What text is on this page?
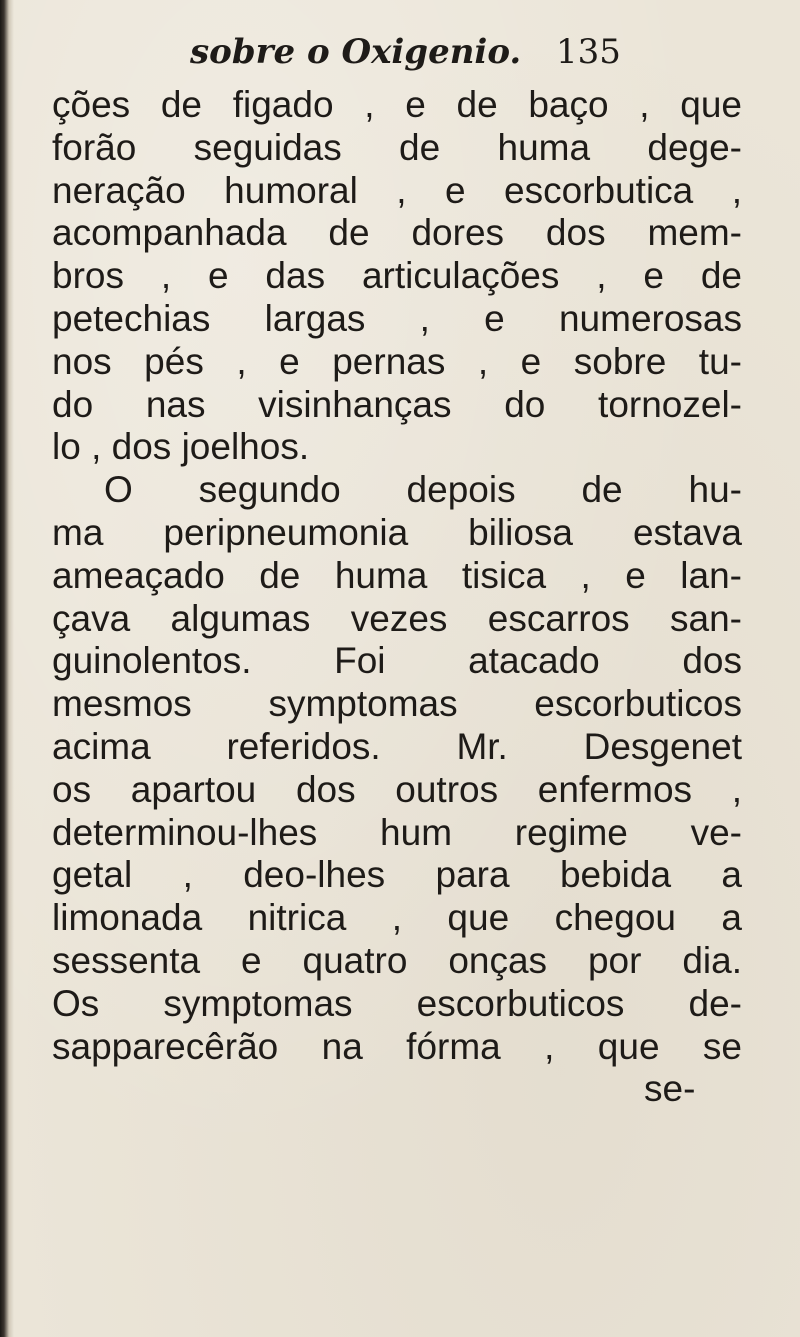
sobre o Oxigenio. 135
ções de figado , e de baço , que
forão seguidas de huma dege-
neração humoral , e escorbutica ,
acompanhada de dores dos mem-
bros , e das articulações , e de
petechias largas , e numerosas
nos pés , e pernas , e sobre tu-
do nas visinhanças do tornozel-
lo , dos joelhos.
O segundo depois de hu-
ma peripneumonia biliosa estava
ameaçado de huma tisica , e lan-
çava algumas vezes escarros san-
guinolentos. Foi atacado dos
mesmos symptomas escorbuticos
acima referidos. Mr. Desgenet
os apartou dos outros enfermos ,
determinou-lhes hum regime ve-
getal , deo-lhes para bebida a
limonada nitrica , que chegou a
sessenta e quatro onças por dia.
Os symptomas escorbuticos de-
sapparecêrão na fórma , que se
se-
